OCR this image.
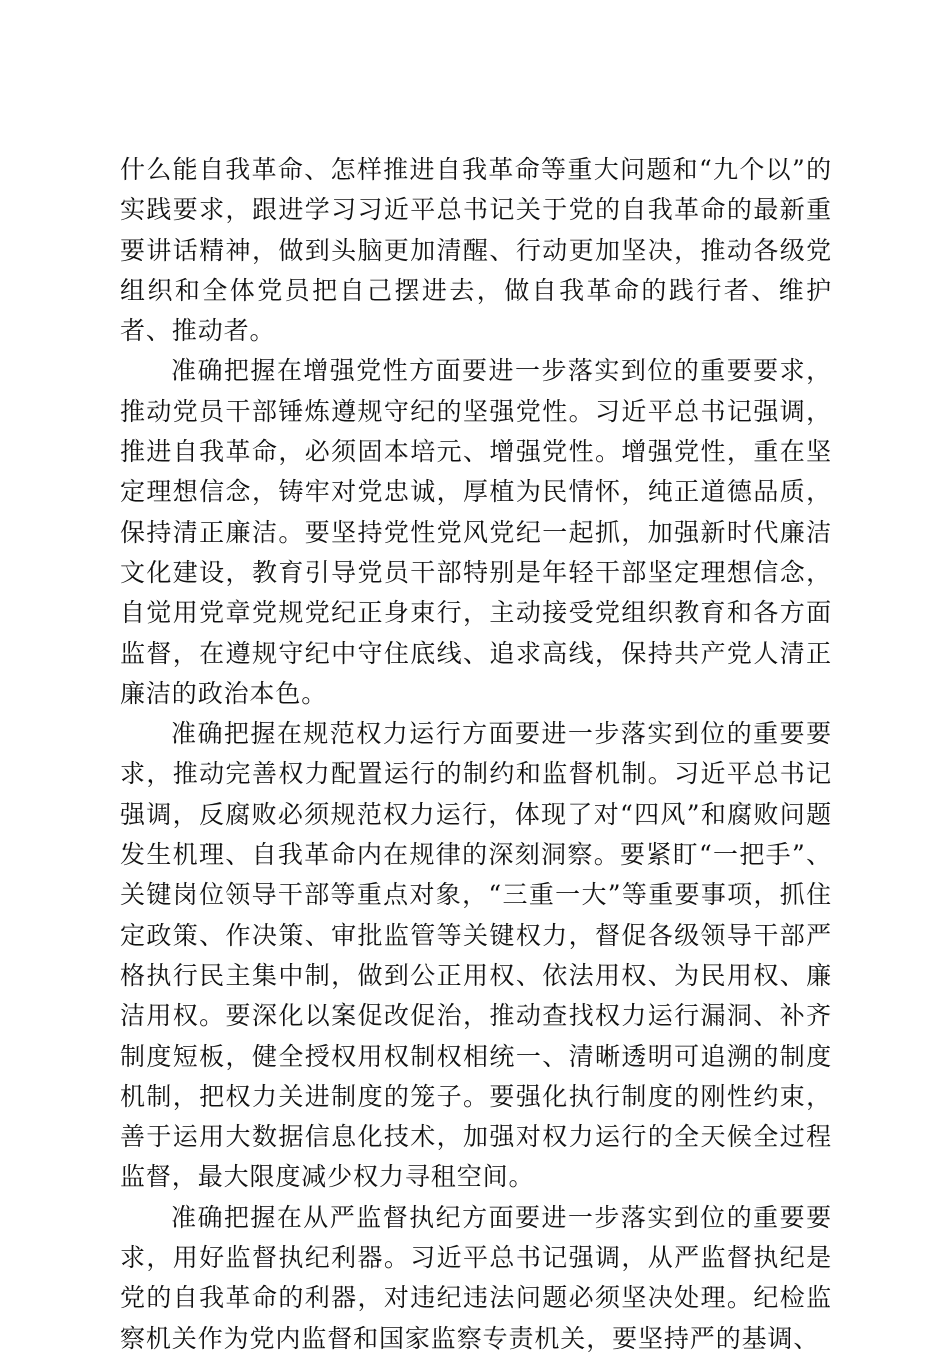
什么能自我革命、怎样推进自我革命等重大问题和“九个以”的实践要求，跟进学习习近平总书记关于党的自我革命的最新重要讲话精神，做到头脑更加清醒、行动更加坚决，推动各级党组织和全体党员把自己摆进去，做自我革命的践行者、维护者、推动者。

准确把握在增强党性方面要进一步落实到位的重要要求，推动党员干部锤炼遵规守纪的坚强党性。习近平总书记强调，推进自我革命，必须固本培元、增强党性。增强党性，重在坚定理想信念，铸牢对党忠诚，厚植为民情怀，纯正道德品质，保持清正廉洁。要坚持党性党风党纪一起抓，加强新时代廉洁文化建设，教育引导党员干部特别是年轻干部坚定理想信念，自觉用党章党规党纪正身束行，主动接受党组织教育和各方面监督，在遵规守纪中守住底线、追求高线，保持共产党人清正廉洁的政治本色。

准确把握在规范权力运行方面要进一步落实到位的重要要求，推动完善权力配置运行的制约和监督机制。习近平总书记强调，反腐败必须规范权力运行，体现了对“四风”和腐败问题发生机理、自我革命内在规律的深刻洞察。要紧盯“一把手”、关键岗位领导干部等重点对象，“三重一大”等重要事项，抓住定政策、作决策、审批监管等关键权力，督促各级领导干部严格执行民主集中制，做到公正用权、依法用权、为民用权、廉洁用权。要深化以案促改促治，推动查找权力运行漏洞、补齐制度短板，健全授权用权制权相统一、清晰透明可追溯的制度机制，把权力关进制度的笼子。要强化执行制度的刚性约束，善于运用大数据信息化技术，加强对权力运行的全天候全过程监督，最大限度减少权力寻租空间。

准确把握在从严监督执纪方面要进一步落实到位的重要要求，用好监督执纪利器。习近平总书记强调，从严监督执纪是党的自我革命的利器，对违纪违法问题必须坚决处理。纪检监察机关作为党内监督和国家监察专责机关，要坚持严的基调、
